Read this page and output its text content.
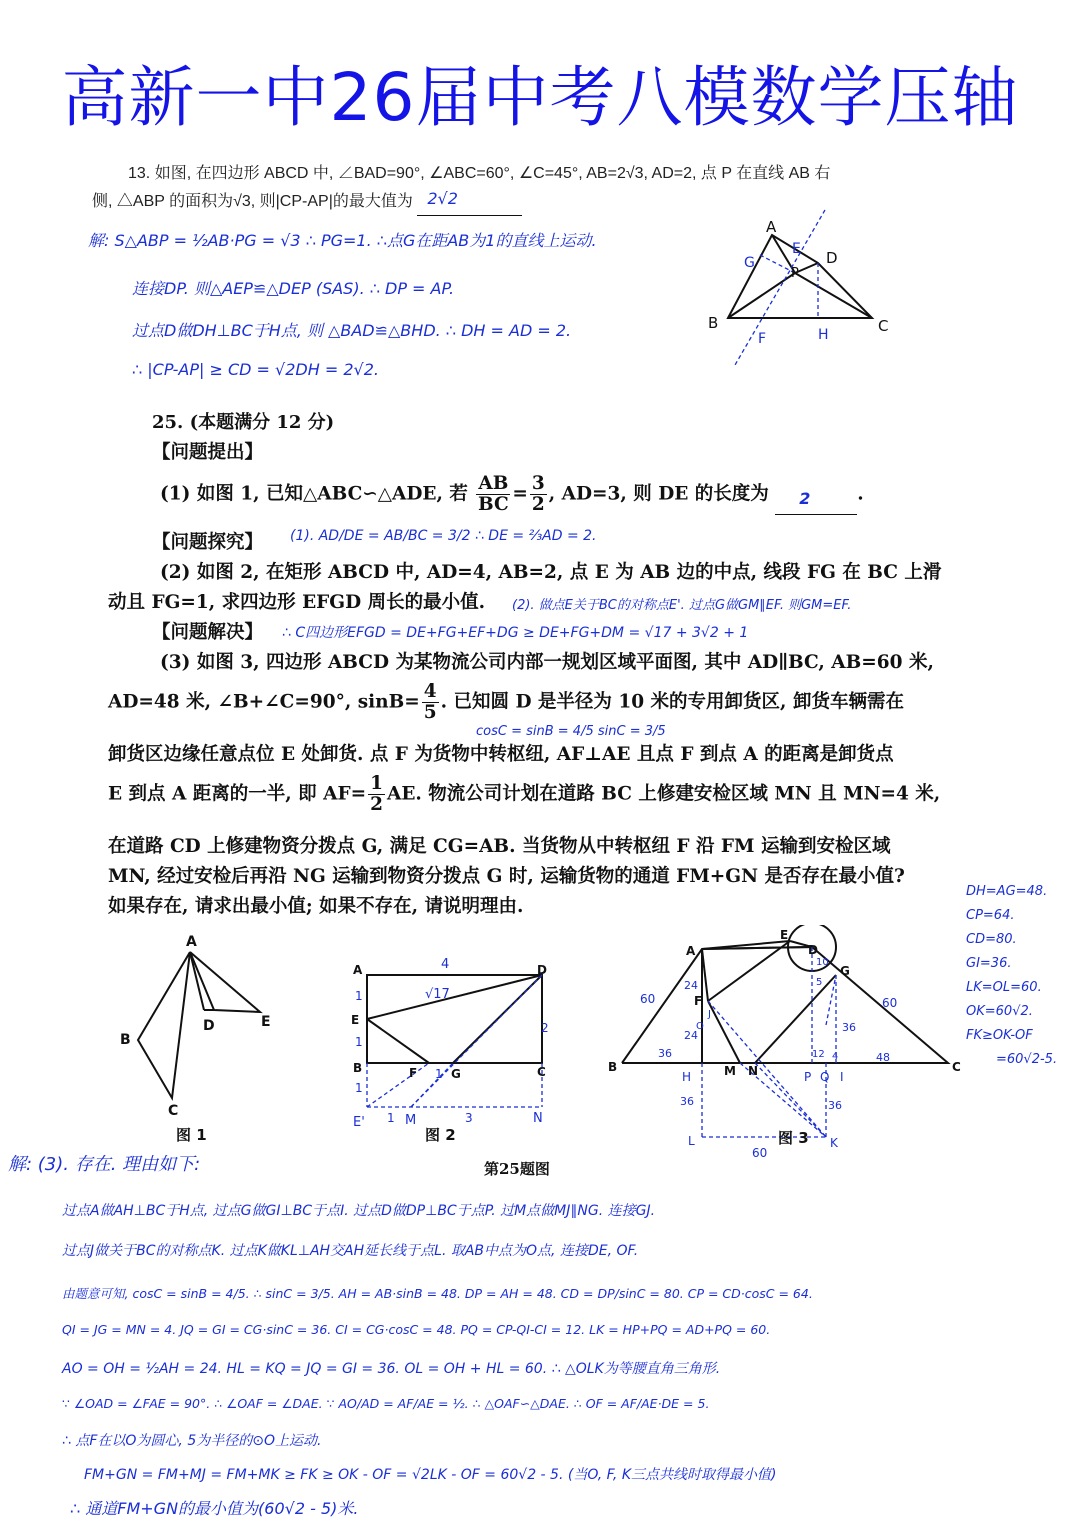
高新一中26届中考八模数学压轴
13. 如图, 在四边形 ABCD 中, ∠BAD=90°, ∠ABC=60°, ∠C=45°, AB=2√3, AD=2, 点 P 在直线 AB 右
侧, △ABP 的面积为√3, 则|CP-AP|的最大值为 2√2
解: S△ABP = ½AB·PG = √3 ∴ PG=1. ∴点G在距AB为1的直线上运动.
连接DP. 则△AEP≌△DEP (SAS). ∴ DP = AP.
过点D做DH⊥BC于H点, 则 △BAD≌△BHD. ∴ DH = AD = 2.
∴ |CP-AP| ≥ CD = √2DH = 2√2.
A
B	C
D
P
G
E
F	H
25. (本题满分 12 分)
【问题提出】
(1) 如图 1, 已知△ABC∽△ADE, 若 $\frac{AB}{BC} = \frac{3}{2}$ , AD=3, 则 DE 的长度为 2	.
【问题探究】 (1). AD/DE = AB/BC = 3/2 ∴ DE = ⅔AD = 2.
(2) 如图 2, 在矩形 ABCD 中, AD=4, AB=2, 点 E 为 AB 边的中点, 线段 FG 在 BC 上滑
动且 FG=1, 求四边形 EFGD 周长的最小值. (2). 做点E关于BC的对称点E'. 过点G做GM∥EF. 则GM=EF.
【问题解决】 ∴ C四边形EFGD = DE+FG+EF+DG ≥ DE+FG+DM = √17 + 3√2 + 1
(3) 如图 3, 四边形 ABCD 为某物流公司内部一规划区域平面图, 其中 AD∥BC, AB=60 米,
AD=48 米, ∠B+∠C=90°, $\sin B= \frac{4}{5}$ . 已知圆 D 是半径为 10 米的专用卸货区, 卸货车辆需在
cosC = sinB = 4/5 sinC = 3/5
卸货区边缘任意点位 E 处卸货. 点 F 为货物中转枢纽, AF⊥AE 且点 F 到点 A 的距离是卸货点
E 到点 A 距离的一半, 即 $AF= \frac{1}{2}$ AE. 物流公司计划在道路 BC 上修建安检区域 MN 且 MN=4 米,
在道路 CD 上修建物资分拨点 G, 满足 CG=AB. 当货物从中转枢纽 F 沿 FM 运输到安检区域
MN, 经过安检后再沿 NG 运输到物资分拨点 G 时, 运输货物的通道 FM+GN 是否存在最小值?
如果存在, 请求出最小值; 如果不存在, 请说明理由.
DH=AG=48.
CP=64.
CD=80.
GI=36.
LK=OL=60.
OK=60√2.
FK≥OK-OF
=60√2-5.
A
B
C
D	E
图 1
A
B	C
D
E
F	G
E'	M	N
4
1
1
2
1
1	3
1
√17
图 2
A
B	C
D
E
F
G
M N
H	P Q I
L	K
60	60
60
24
24
36
36
36
36
48
12 4
5
10
J
O
图 3
第25题图
解: (3). 存在. 理由如下:
过点A做AH⊥BC于H点, 过点G做GI⊥BC于点I. 过点D做DP⊥BC于点P. 过M点做MJ∥NG. 连接GJ.
过点J做关于BC的对称点K. 过点K做KL⊥AH交AH延长线于点L. 取AB中点为O点, 连接DE, OF.
由题意可知, cosC = sinB = 4/5. ∴ sinC = 3/5. AH = AB·sinB = 48. DP = AH = 48. CD = DP/sinC = 80. CP = CD·cosC = 64.
QI = JG = MN = 4. JQ = GI = CG·sinC = 36. CI = CG·cosC = 48. PQ = CP-QI-CI = 12. LK = HP+PQ = AD+PQ = 60.
AO = OH = ½AH = 24. HL = KQ = JQ = GI = 36. OL = OH + HL = 60. ∴ △OLK为等腰直角三角形.
∵ ∠OAD = ∠FAE = 90°. ∴ ∠OAF = ∠DAE. ∵ AO/AD = AF/AE = ½. ∴ △OAF∽△DAE. ∴ OF = AF/AE·DE = 5.
∴ 点F在以O为圆心, 5为半径的⊙O上运动.
FM+GN = FM+MJ = FM+MK ≥ FK ≥ OK - OF = √2LK - OF = 60√2 - 5. (当O, F, K三点共线时取得最小值)
∴ 通道FM+GN的最小值为(60√2 - 5)米.
